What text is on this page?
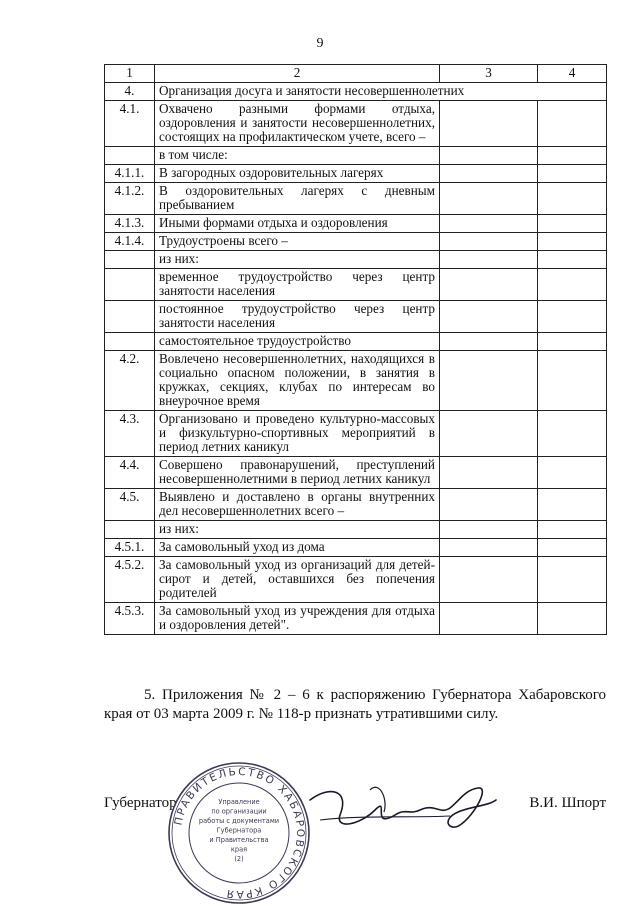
9
1	2	3	4
4.	Организация досуга и занятости несовершеннолетних		
4.1.	Охвачено разными формами отдыха, оздоровления и занятости несовершеннолетних, состоящих на профилактическом учете, всего –		
	в том числе:		
4.1.1.	В загородных оздоровительных лагерях		
4.1.2.	В оздоровительных лагерях с дневным пребыванием		
4.1.3.	Иными формами отдыха и оздоровления		
4.1.4.	Трудоустроены всего –		
	из них:		
	временное трудоустройство через центр занятости населения		
	постоянное трудоустройство через центр занятости населения		
	самостоятельное трудоустройство		
4.2.	Вовлечено несовершеннолетних, находящихся в социально опасном положении, в занятия в кружках, секциях, клубах по интересам во внеурочное время		
4.3.	Организовано и проведено культурно-массовых и физкультурно-спортивных мероприятий в период летних каникул		
4.4.	Совершено правонарушений, преступлений несовершеннолетними в период летних каникул		
4.5.	Выявлено и доставлено в органы внутренних дел несовершеннолетних всего –		
	из них:		
4.5.1.	За самовольный уход из дома		
4.5.2.	За самовольный уход из организаций для детей-сирот и детей, оставшихся без попечения родителей		
4.5.3.	За самовольный уход из учреждения для отдыха и оздоровления детей".		
5. Приложения № 2 – 6 к распоряжению Губернатора Хабаровского края от 03 марта 2009 г. № 118-р признать утратившими силу.
Губернатор	В.И. Шпорт
ПРАВИТЕЛЬСТВО ХАБАРОВСКОГО КРАЯ
Управление
по организации
работы с документами
Губернатора
и Правительства
края
(2)
